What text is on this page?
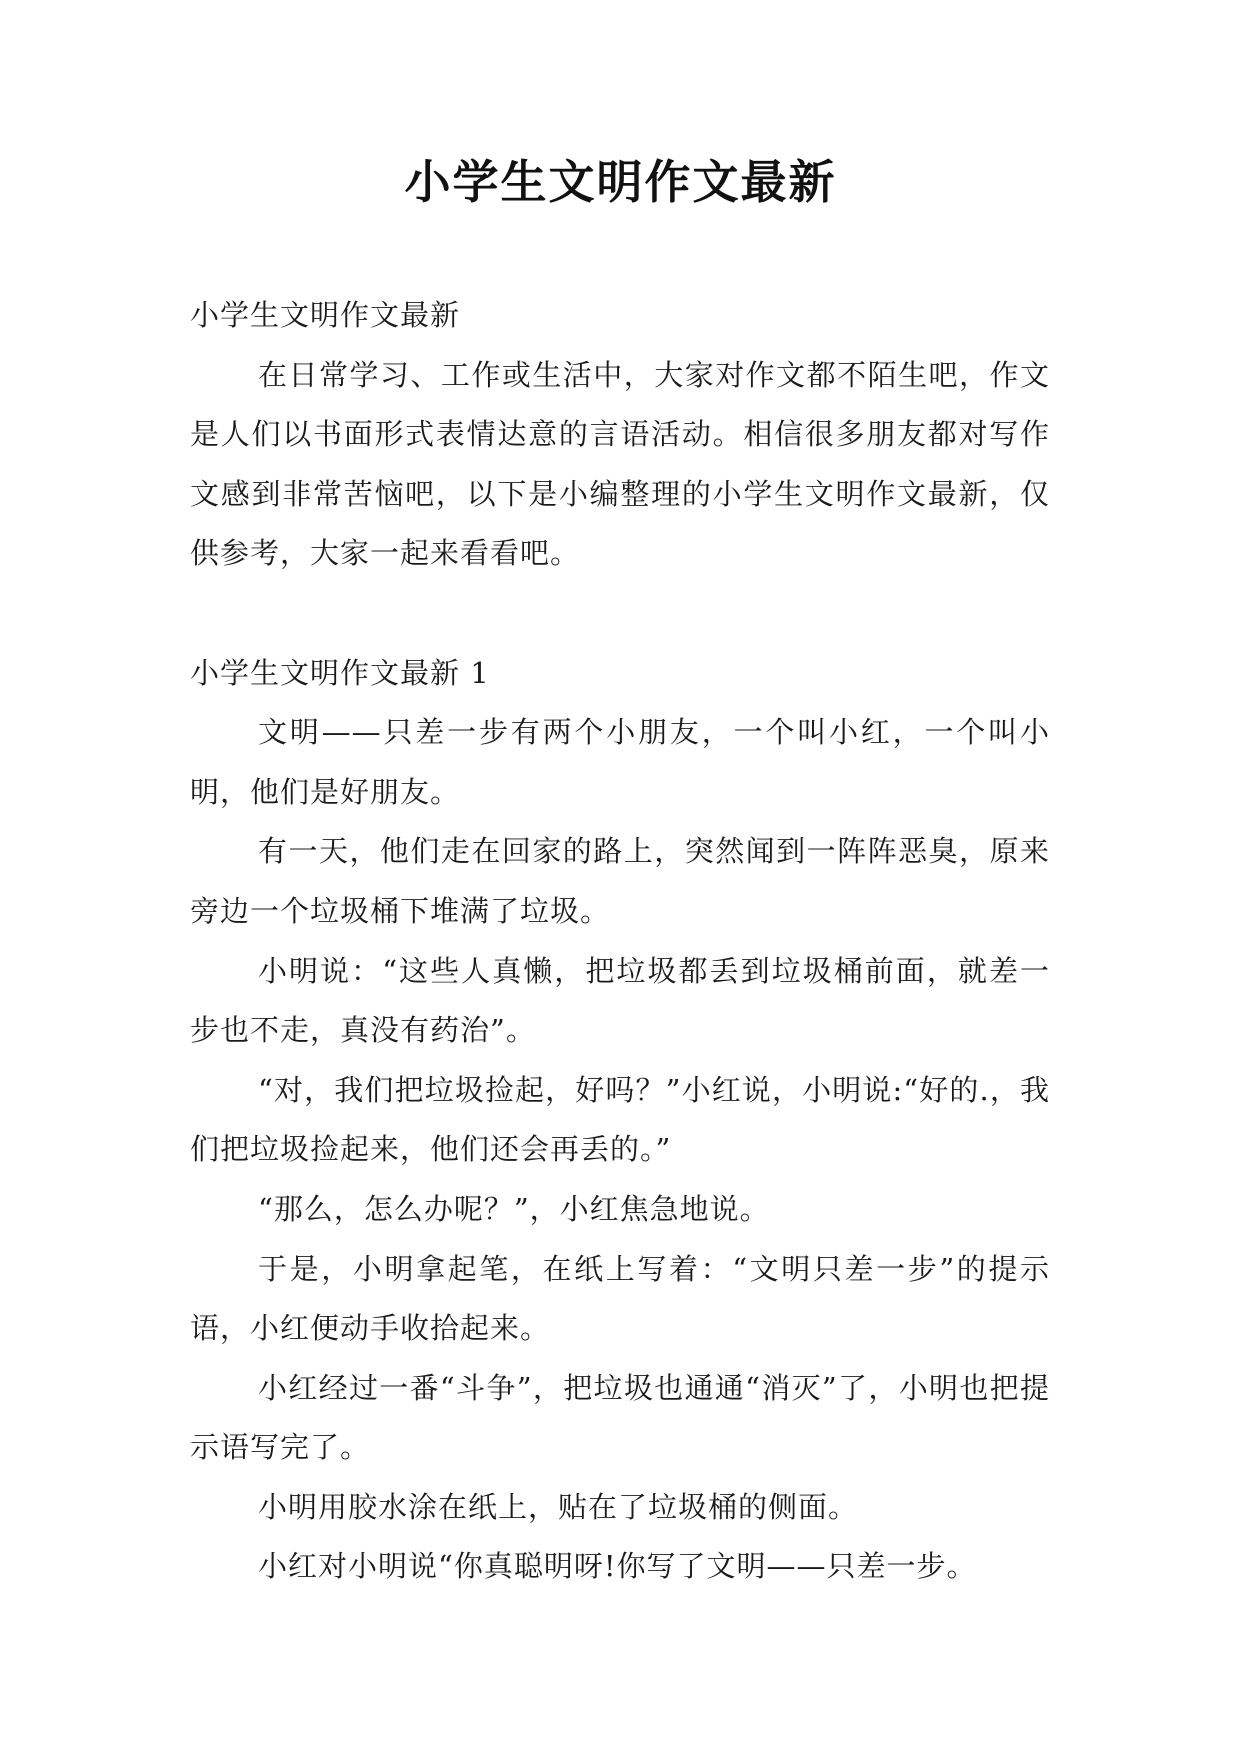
小学生文明作文最新

小学生文明作文最新

在日常学习、工作或生活中，大家对作文都不陌生吧，作文是人们以书面形式表情达意的言语活动。相信很多朋友都对写作文感到非常苦恼吧，以下是小编整理的小学生文明作文最新，仅供参考，大家一起来看看吧。

小学生文明作文最新 1

文明——只差一步有两个小朋友，一个叫小红，一个叫小明，他们是好朋友。

有一天，他们走在回家的路上，突然闻到一阵阵恶臭，原来旁边一个垃圾桶下堆满了垃圾。

小明说：“这些人真懒，把垃圾都丢到垃圾桶前面，就差一步也不走，真没有药治”。

“对，我们把垃圾捡起，好吗？”小红说，小明说:“好的.，我们把垃圾捡起来，他们还会再丢的。”

“那么，怎么办呢？”，小红焦急地说。

于是，小明拿起笔，在纸上写着：“文明只差一步”的提示语，小红便动手收拾起来。

小红经过一番“斗争”，把垃圾也通通“消灭”了，小明也把提示语写完了。

小明用胶水涂在纸上，贴在了垃圾桶的侧面。

小红对小明说“你真聪明呀!你写了文明——只差一步。
